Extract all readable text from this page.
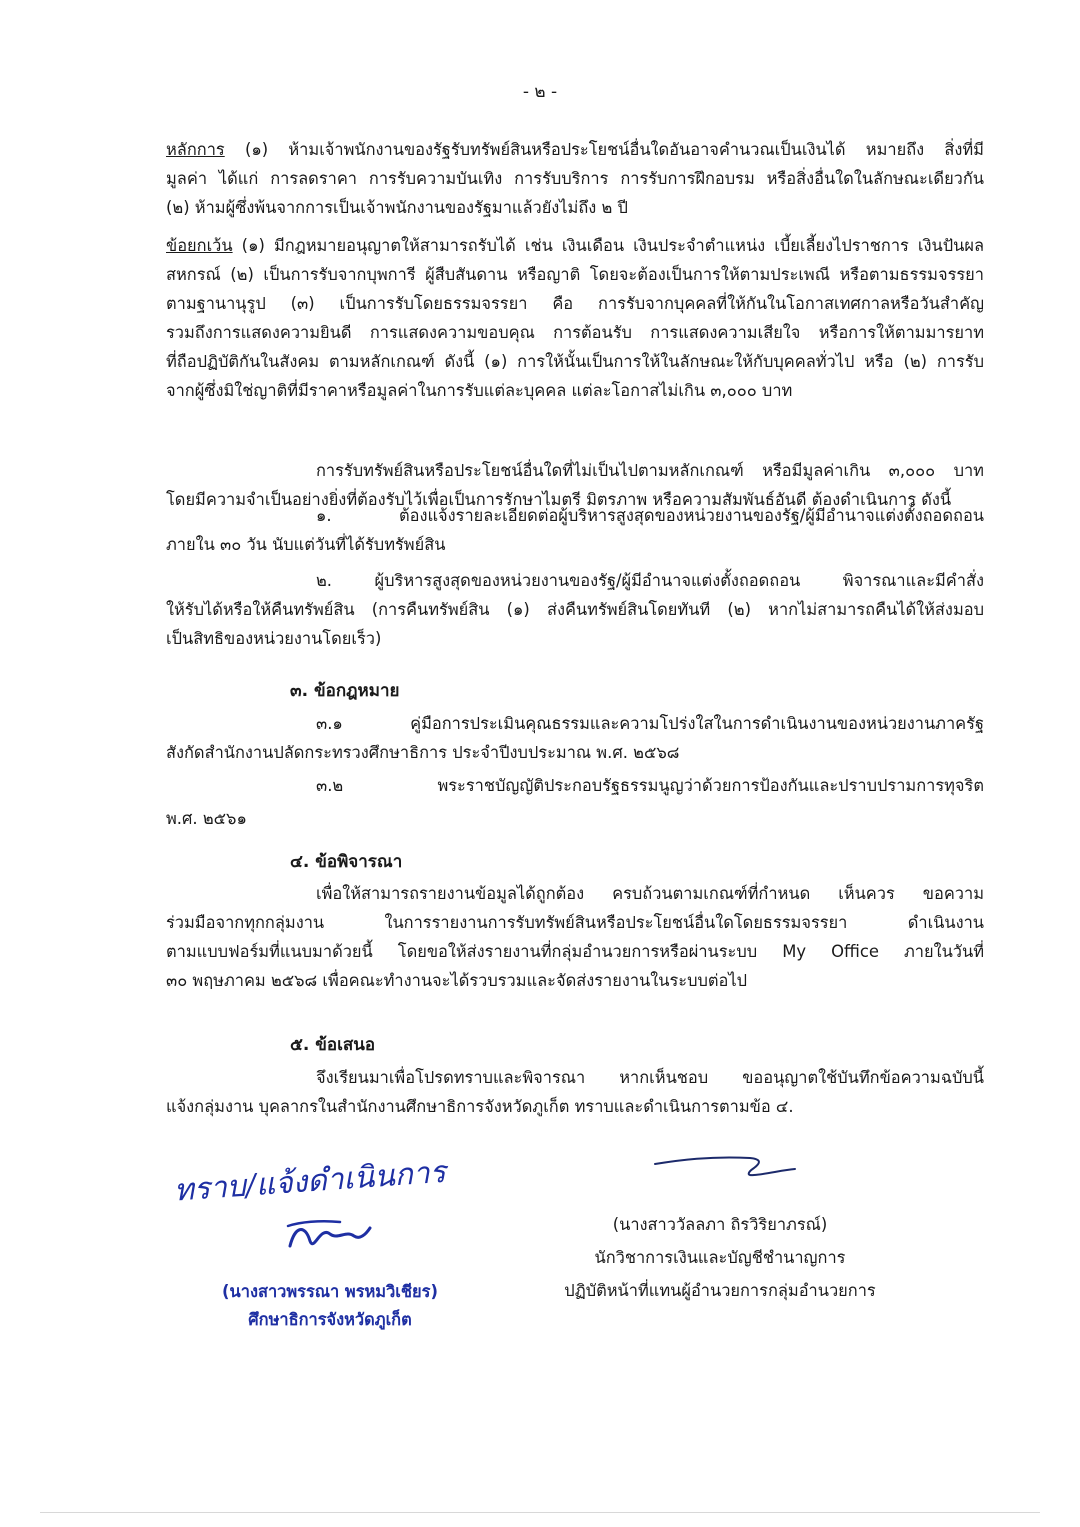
- ๒ -

หลักการ (๑) ห้ามเจ้าพนักงานของรัฐรับทรัพย์สินหรือประโยชน์อื่นใดอันอาจคำนวณเป็นเงินได้ หมายถึง สิ่งที่มี

มูลค่า ได้แก่ การลดราคา การรับความบันเทิง การรับบริการ การรับการฝึกอบรม หรือสิ่งอื่นใดในลักษณะเดียวกัน

(๒) ห้ามผู้ซึ่งพ้นจากการเป็นเจ้าพนักงานของรัฐมาแล้วยังไม่ถึง ๒ ปี

ข้อยกเว้น (๑) มีกฎหมายอนุญาตให้สามารถรับได้ เช่น เงินเดือน เงินประจำตำแหน่ง เบี้ยเลี้ยงไปราชการ เงินปันผล

สหกรณ์ (๒) เป็นการรับจากบุพการี ผู้สืบสันดาน หรือญาติ โดยจะต้องเป็นการให้ตามประเพณี หรือตามธรรมจรรยา

ตามฐานานุรูป (๓) เป็นการรับโดยธรรมจรรยา คือ การรับจากบุคคลที่ให้กันในโอกาสเทศกาลหรือวันสำคัญ

รวมถึงการแสดงความยินดี การแสดงความขอบคุณ การต้อนรับ การแสดงความเสียใจ หรือการให้ตามมารยาท

ที่ถือปฏิบัติกันในสังคม ตามหลักเกณฑ์ ดังนี้ (๑) การให้นั้นเป็นการให้ในลักษณะให้กับบุคคลทั่วไป หรือ (๒) การรับ

จากผู้ซึ่งมิใช่ญาติที่มีราคาหรือมูลค่าในการรับแต่ละบุคคล แต่ละโอกาสไม่เกิน ๓,๐๐๐ บาท

การรับทรัพย์สินหรือประโยชน์อื่นใดที่ไม่เป็นไปตามหลักเกณฑ์ หรือมีมูลค่าเกิน ๓,๐๐๐ บาท

โดยมีความจำเป็นอย่างยิ่งที่ต้องรับไว้เพื่อเป็นการรักษาไมตรี มิตรภาพ หรือความสัมพันธ์อันดี ต้องดำเนินการ ดังนี้

๑. ต้องแจ้งรายละเอียดต่อผู้บริหารสูงสุดของหน่วยงานของรัฐ/ผู้มีอำนาจแต่งตั้งถอดถอน

ภายใน ๓๐ วัน นับแต่วันที่ได้รับทรัพย์สิน

๒. ผู้บริหารสูงสุดของหน่วยงานของรัฐ/ผู้มีอำนาจแต่งตั้งถอดถอน พิจารณาและมีคำสั่ง

ให้รับได้หรือให้คืนทรัพย์สิน (การคืนทรัพย์สิน (๑) ส่งคืนทรัพย์สินโดยทันที (๒) หากไม่สามารถคืนได้ให้ส่งมอบ

เป็นสิทธิของหน่วยงานโดยเร็ว)

๓. ข้อกฎหมาย

๓.๑ คู่มือการประเมินคุณธรรมและความโปร่งใสในการดำเนินงานของหน่วยงานภาครัฐ

สังกัดสำนักงานปลัดกระทรวงศึกษาธิการ ประจำปีงบประมาณ พ.ศ. ๒๕๖๘

๓.๒ พระราชบัญญัติประกอบรัฐธรรมนูญว่าด้วยการป้องกันและปราบปรามการทุจริต

พ.ศ. ๒๕๖๑

๔. ข้อพิจารณา

เพื่อให้สามารถรายงานข้อมูลได้ถูกต้อง ครบถ้วนตามเกณฑ์ที่กำหนด เห็นควร ขอความ

ร่วมมือจากทุกกลุ่มงาน ในการรายงานการรับทรัพย์สินหรือประโยชน์อื่นใดโดยธรรมจรรยา ดำเนินงาน

ตามแบบฟอร์มที่แนบมาด้วยนี้ โดยขอให้ส่งรายงานที่กลุ่มอำนวยการหรือผ่านระบบ My Office ภายในวันที่

๓๐ พฤษภาคม ๒๕๖๘ เพื่อคณะทำงานจะได้รวบรวมและจัดส่งรายงานในระบบต่อไป

๕. ข้อเสนอ

จึงเรียนมาเพื่อโปรดทราบและพิจารณา หากเห็นชอบ ขออนุญาตใช้บันทึกข้อความฉบับนี้

แจ้งกลุ่มงาน บุคลากรในสำนักงานศึกษาธิการจังหวัดภูเก็ต ทราบและดำเนินการตามข้อ ๔.

(นางสาววัลลภา ถิรวิริยาภรณ์)
นักวิชาการเงินและบัญชีชำนาญการ
ปฏิบัติหน้าที่แทนผู้อำนวยการกลุ่มอำนวยการ
ทราบ/แจ้งดำเนินการ
(นางสาวพรรณา พรหมวิเชียร)
ศึกษาธิการจังหวัดภูเก็ต
